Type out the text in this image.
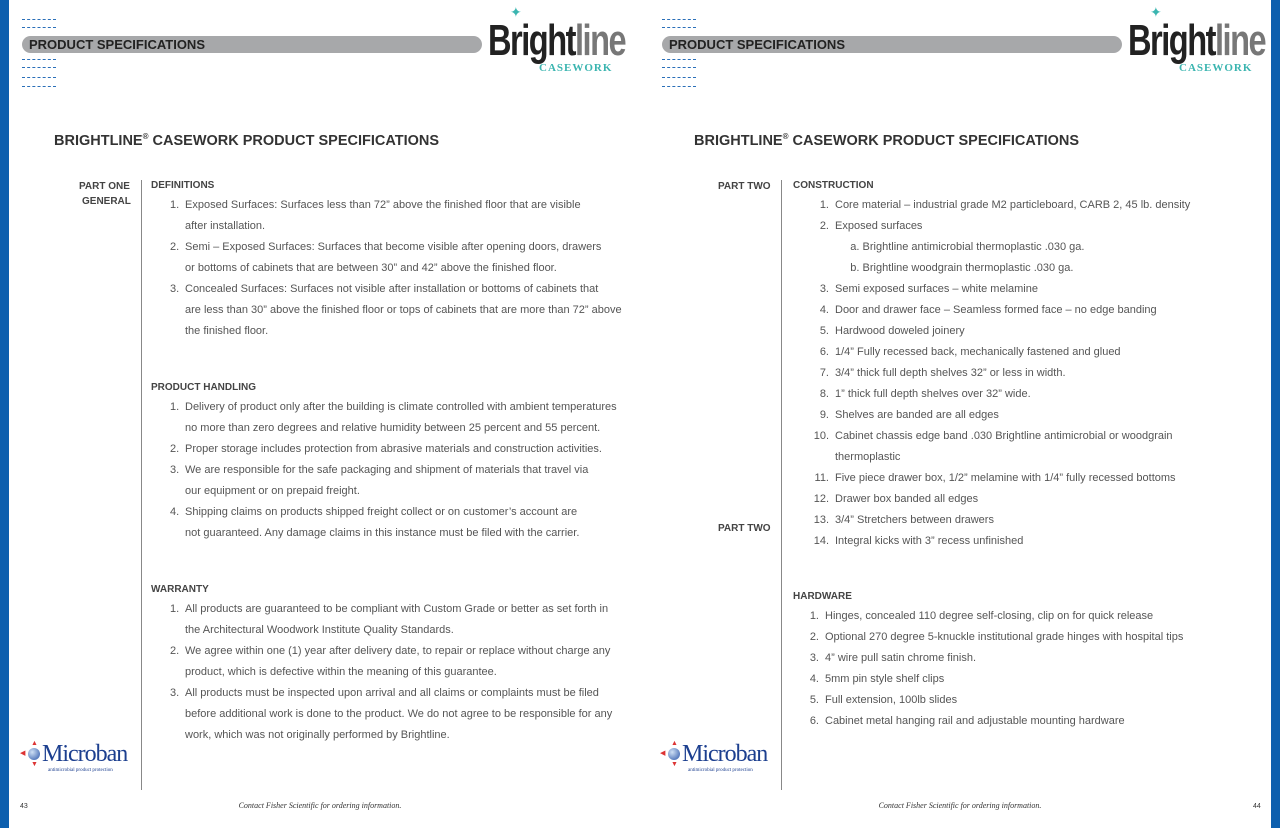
PRODUCT SPECIFICATIONS
✦
Brightline
CASEWORK
BRIGHTLINE® CASEWORK PRODUCT SPECIFICATIONS
PART ONE
GENERAL
▲
▼
◀ Microban
antimicrobial product protection
Contact Fisher Scientific for ordering information.
43
DEFINITIONS
1. Exposed Surfaces: Surfaces less than 72” above the finished floor that are visible
after installation.
2. Semi – Exposed Surfaces: Surfaces that become visible after opening doors, drawers
or bottoms of cabinets that are between 30” and 42” above the finished floor.
3. Concealed Surfaces: Surfaces not visible after installation or bottoms of cabinets that
are less than 30” above the finished floor or tops of cabinets that are more than 72” above
the finished floor.
PRODUCT HANDLING
1. Delivery of product only after the building is climate controlled with ambient temperatures
no more than zero degrees and relative humidity between 25 percent and 55 percent.
2. Proper storage includes protection from abrasive materials and construction activities.
3. We are responsible for the safe packaging and shipment of materials that travel via
our equipment or on prepaid freight.
4. Shipping claims on products shipped freight collect or on customer’s account are
not guaranteed. Any damage claims in this instance must be filed with the carrier.
WARRANTY
1. All products are guaranteed to be compliant with Custom Grade or better as set forth in
the Architectural Woodwork Institute Quality Standards.
2. We agree within one (1) year after delivery date, to repair or replace without charge any
product, which is defective within the meaning of this guarantee.
3. All products must be inspected upon arrival and all claims or complaints must be filed
before additional work is done to the product. We do not agree to be responsible for any
work, which was not originally performed by Brightline.
PRODUCT SPECIFICATIONS
✦
Brightline
CASEWORK
BRIGHTLINE® CASEWORK PRODUCT SPECIFICATIONS
PART TWO
PART TWO
▲
▼
◀ Microban
antimicrobial product protection
Contact Fisher Scientific for ordering information.	44
CONSTRUCTION
1. Core material – industrial grade M2 particleboard, CARB 2, 45 lb. density
2. Exposed surfaces
a. Brightline antimicrobial thermoplastic .030 ga.
b. Brightline woodgrain thermoplastic .030 ga.
3. Semi exposed surfaces – white melamine
4. Door and drawer face – Seamless formed face – no edge banding
5. Hardwood doweled joinery
6. 1/4” Fully recessed back, mechanically fastened and glued
7. 3/4” thick full depth shelves 32” or less in width.
8. 1” thick full depth shelves over 32” wide.
9. Shelves are banded are all edges
10. Cabinet chassis edge band .030 Brightline antimicrobial or woodgrain
thermoplastic
11. Five piece drawer box, 1/2” melamine with 1/4” fully recessed bottoms
12. Drawer box banded all edges
13. 3/4” Stretchers between drawers
14. Integral kicks with 3” recess unfinished
HARDWARE
1. Hinges, concealed 110 degree self-closing, clip on for quick release
2. Optional 270 degree 5-knuckle institutional grade hinges with hospital tips
3. 4” wire pull satin chrome finish.
4. 5mm pin style shelf clips
5. Full extension, 100lb slides
6. Cabinet metal hanging rail and adjustable mounting hardware
